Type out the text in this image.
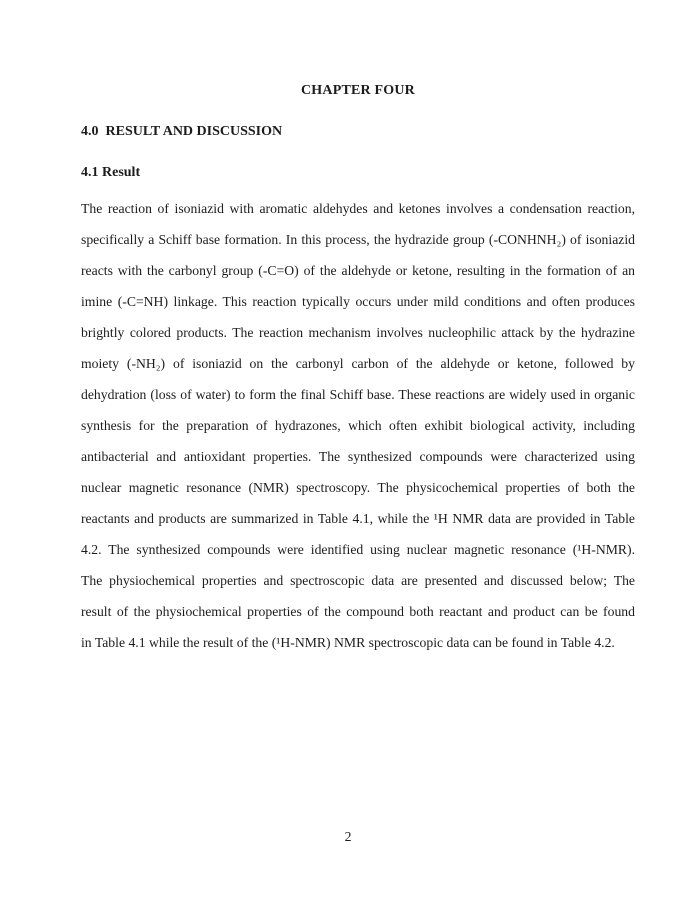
CHAPTER FOUR
4.0  RESULT AND DISCUSSION
4.1 Result
The reaction of isoniazid with aromatic aldehydes and ketones involves a condensation reaction,
specifically a Schiff base formation. In this process, the hydrazide group (-CONHNH₂) of isoniazid
reacts with the carbonyl group (-C=O) of the aldehyde or ketone, resulting in the formation of an
imine (-C=NH) linkage. This reaction typically occurs under mild conditions and often produces
brightly colored products. The reaction mechanism involves nucleophilic attack by the hydrazine
moiety (-NH₂) of isoniazid on the carbonyl carbon of the aldehyde or ketone, followed by
dehydration (loss of water) to form the final Schiff base. These reactions are widely used in organic
synthesis for the preparation of hydrazones, which often exhibit biological activity, including
antibacterial and antioxidant properties. The synthesized compounds were characterized using
nuclear magnetic resonance (NMR) spectroscopy. The physicochemical properties of both the
reactants and products are summarized in Table 4.1, while the ¹H NMR data are provided in Table
4.2. The synthesized compounds were identified using nuclear magnetic resonance (¹H-NMR).
The physiochemical properties and spectroscopic data are presented and discussed below; The
result of the physiochemical properties of the compound both reactant and product can be found
in Table 4.1 while the result of the (¹H-NMR) NMR spectroscopic data can be found in Table 4.2.
2
